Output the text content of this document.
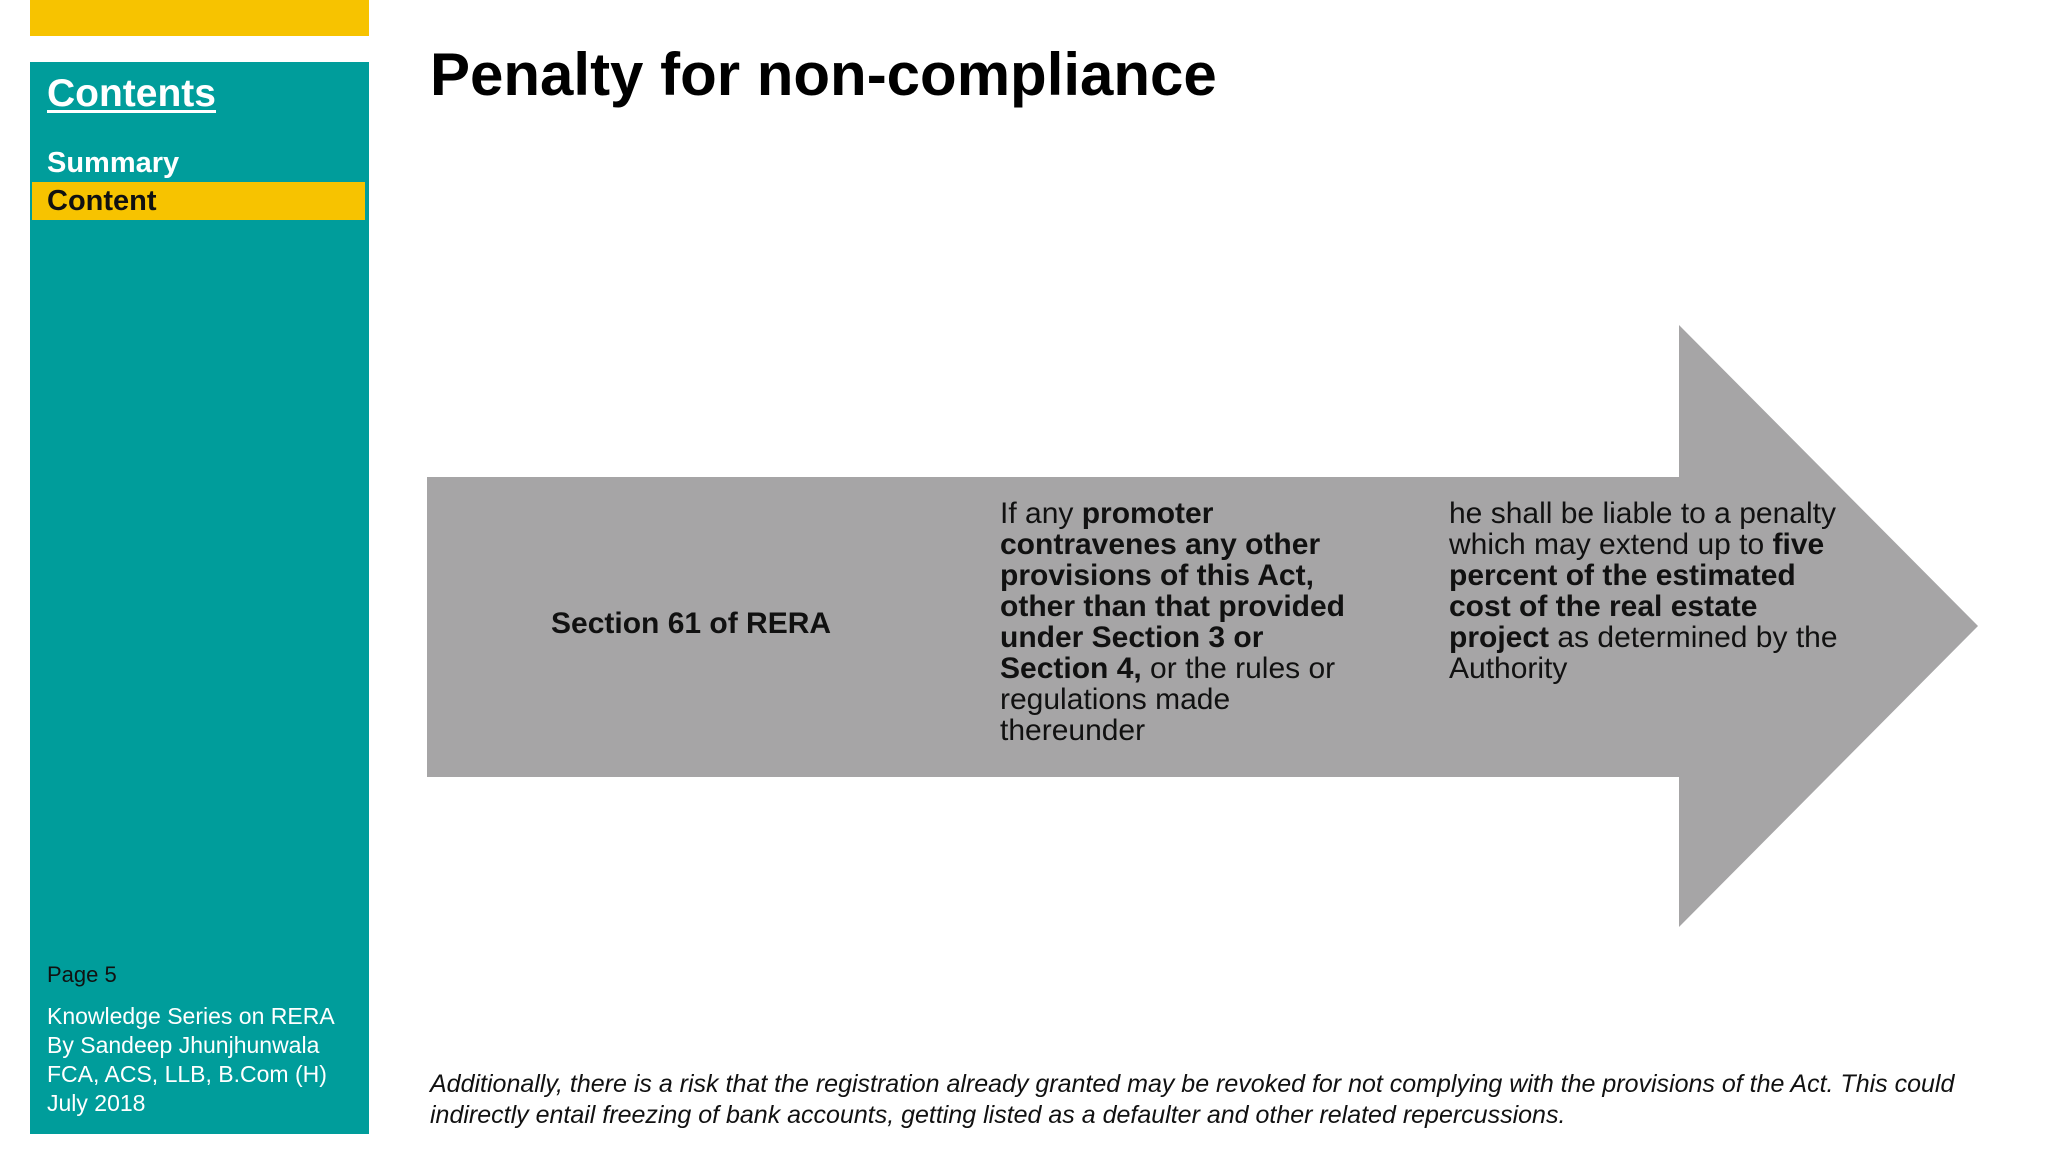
Contents
Summary
Content
Page 5
Knowledge Series on RERA
By Sandeep Jhunjhunwala
FCA, ACS, LLB, B.Com (H)
July 2018
Penalty for non-compliance
Section 61 of RERA
If any promoter contravenes any other provisions of this Act, other than that provided under Section 3 or Section 4, or the rules or regulations made thereunder
he shall be liable to a penalty which may extend up to five percent of the estimated cost of the real estate project as determined by the Authority

Additionally, there is a risk that the registration already granted may be revoked for not complying with the provisions of the Act. This could indirectly entail freezing of bank accounts, getting listed as a defaulter and other related repercussions.
